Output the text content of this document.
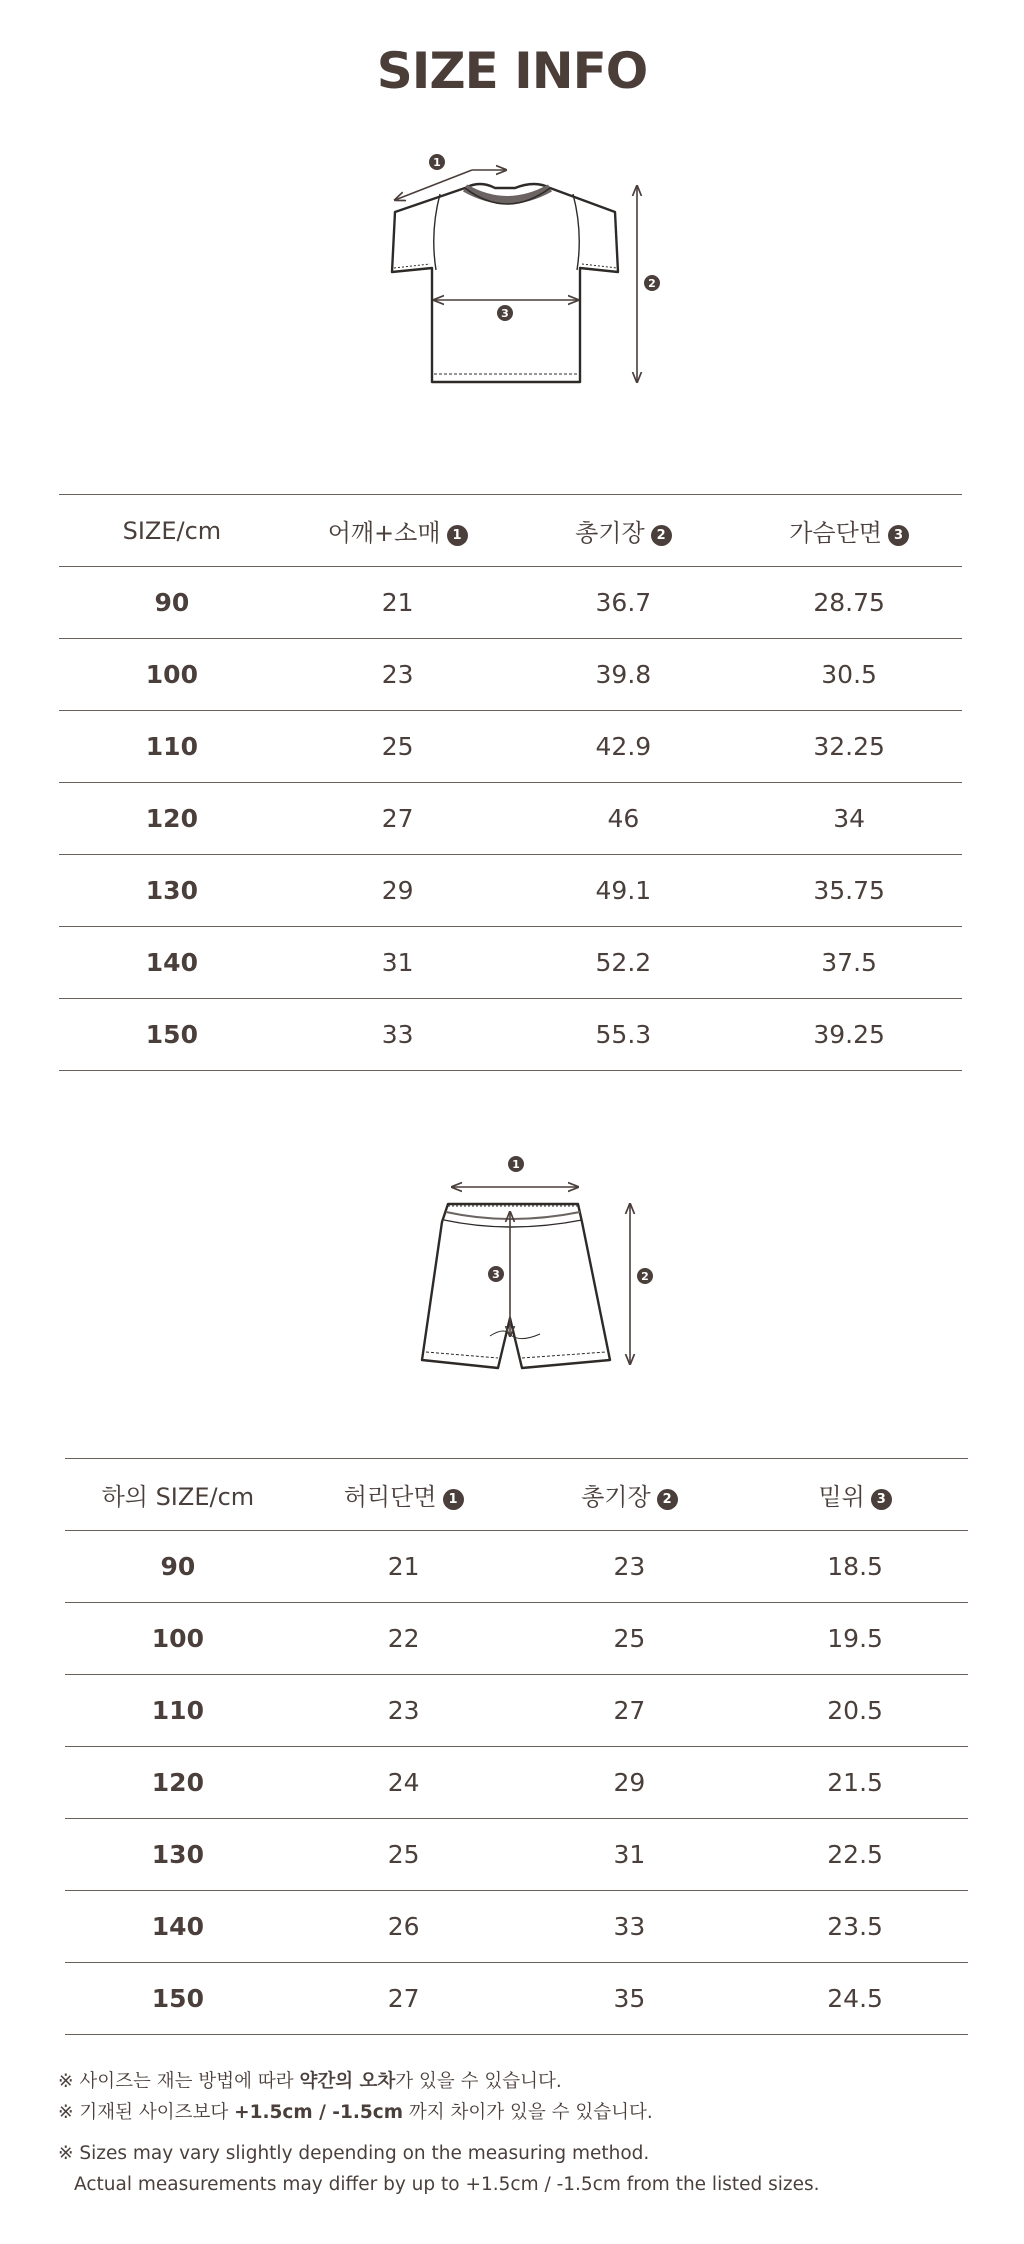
SIZE INFO
1
2
3
SIZE/cm	어깨+소매 1	총기장 2	가슴단면 3
90	21	36.7	28.75
100	23	39.8	30.5
110	25	42.9	32.25
120	27	46	34
130	29	49.1	35.75
140	31	52.2	37.5
150	33	55.3	39.25
1
3	2
하의 SIZE/cm	허리단면 1	총기장 2	밑위 3
90	21	23	18.5
100	22	25	19.5
110	23	27	20.5
120	24	29	21.5
130	25	31	22.5
140	26	33	23.5
150	27	35	24.5
※ 사이즈는 재는 방법에 따라 약간의 오차가 있을 수 있습니다.
※ 기재된 사이즈보다 +1.5cm / -1.5cm 까지 차이가 있을 수 있습니다.
※ Sizes may vary slightly depending on the measuring method.
Actual measurements may differ by up to +1.5cm / -1.5cm from the listed sizes.
